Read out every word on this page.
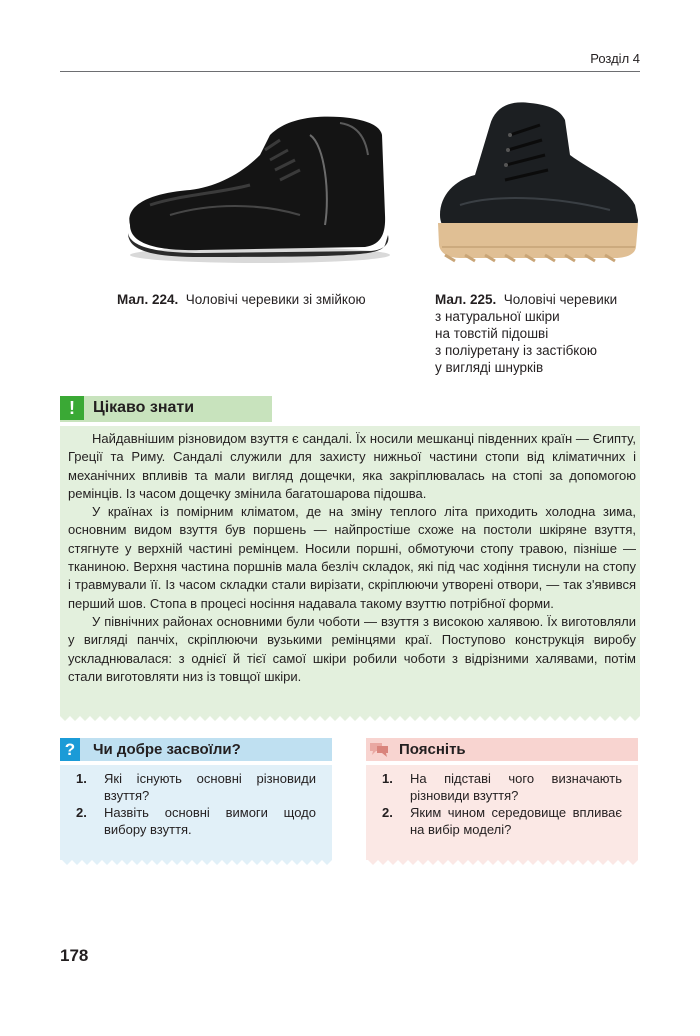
Розділ 4
Мал. 224. Чоловічі черевики зі змійкою	Мал. 225. Чоловічі черевики
з натуральної шкіри
на товстій підошві
з поліуретану із застібкою
у вигляді шнурків
!	Цікаво знати

Найдавнішим різновидом взуття є сандалі. Їх носили мешканці південних країн — Єгипту, Греції та Риму. Сандалі служили для захисту нижньої частини стопи від кліматичних і механічних впливів та мали вигляд дощечки, яка закріплювалась на стопі за допомогою ремінців. Із часом дощечку змінила багатошарова підошва.

У країнах із помірним кліматом, де на зміну теплого літа приходить холодна зима, основним видом взуття був поршень — найпростіше схоже на постоли шкіряне взуття, стягнуте у верхній частині ремінцем. Носили поршні, обмотуючи стопу травою, пізніше — тканиною. Верхня частина поршнів мала безліч складок, які під час ходіння тиснули на стопу і травмували її. Із часом складки стали вирізати, скріплюючи утворені отвори, — так з'явився перший шов. Стопа в процесі носіння надавала такому взуттю потрібної форми.

У північних районах основними були чоботи — взуття з високою халявою. Їх виготовляли у вигляді панчіх, скріплюючи вузькими ремінцями краї. Поступово конструкція виробу ускладнювалася: з однієї й тієї самої шкіри робили чоботи з відрізними халявами, потім стали виготовляти низ із товщої шкіри.

?	Чи добре засвоїли?
1. Які існують основні різновиди взуття?
2. Назвіть основні вимоги щодо вибору взуття.
Поясніть
1. На підставі чого визначають різновиди взуття?
2. Яким чином середовище впливає на вибір моделі?
178
